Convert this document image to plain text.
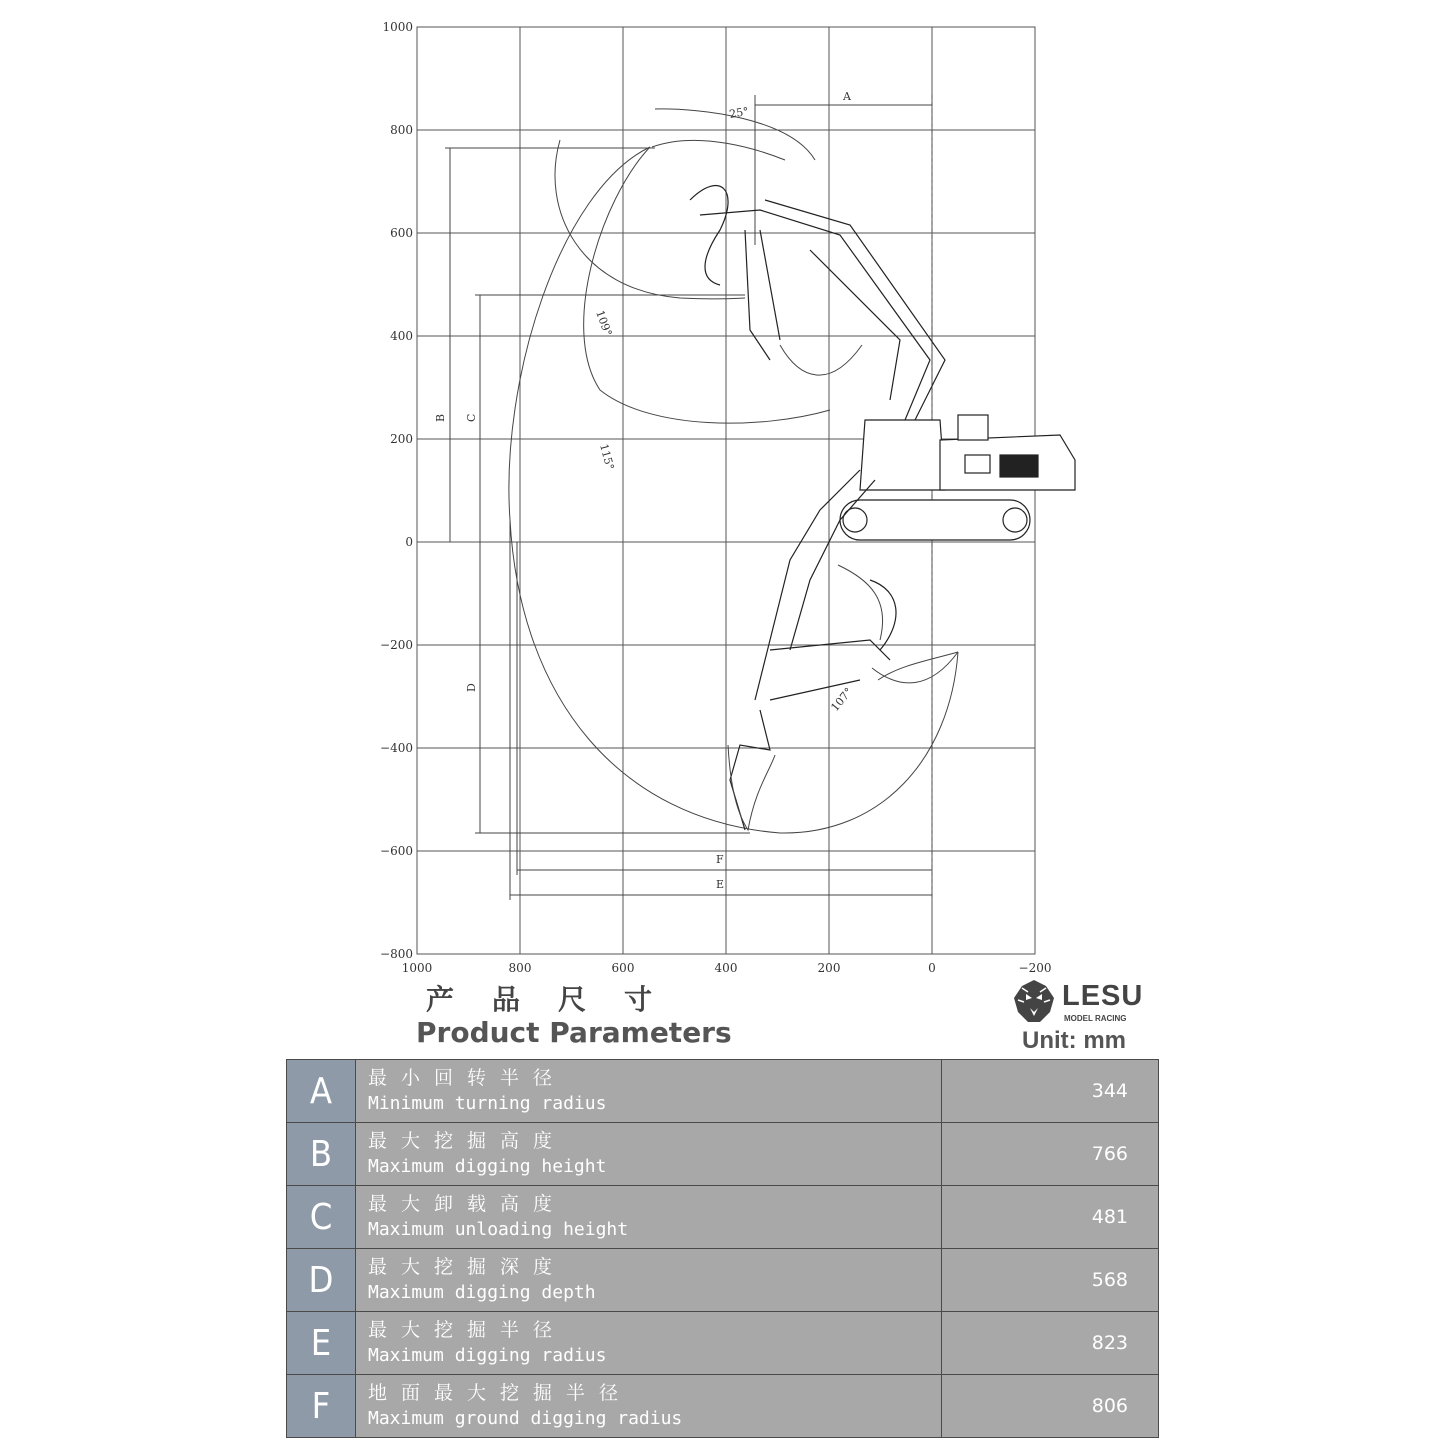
1000	800	600	400	200	0	−200
1000
800
600
400
200
0
−200
−400
−600
−800
A
B C
D
E
F
25°
109°
115°
107°
产品尺寸
Product Parameters
LESU
MODEL RACING
Unit: mm
A	最小回转半径
Minimum turning radius	344
B	最大挖掘高度
Maximum digging height	766
C	最大卸载高度
Maximum unloading height	481
D	最大挖掘深度
Maximum digging depth	568
E	最大挖掘半径
Maximum digging radius	823
F	地面最大挖掘半径
Maximum ground digging radius	806
